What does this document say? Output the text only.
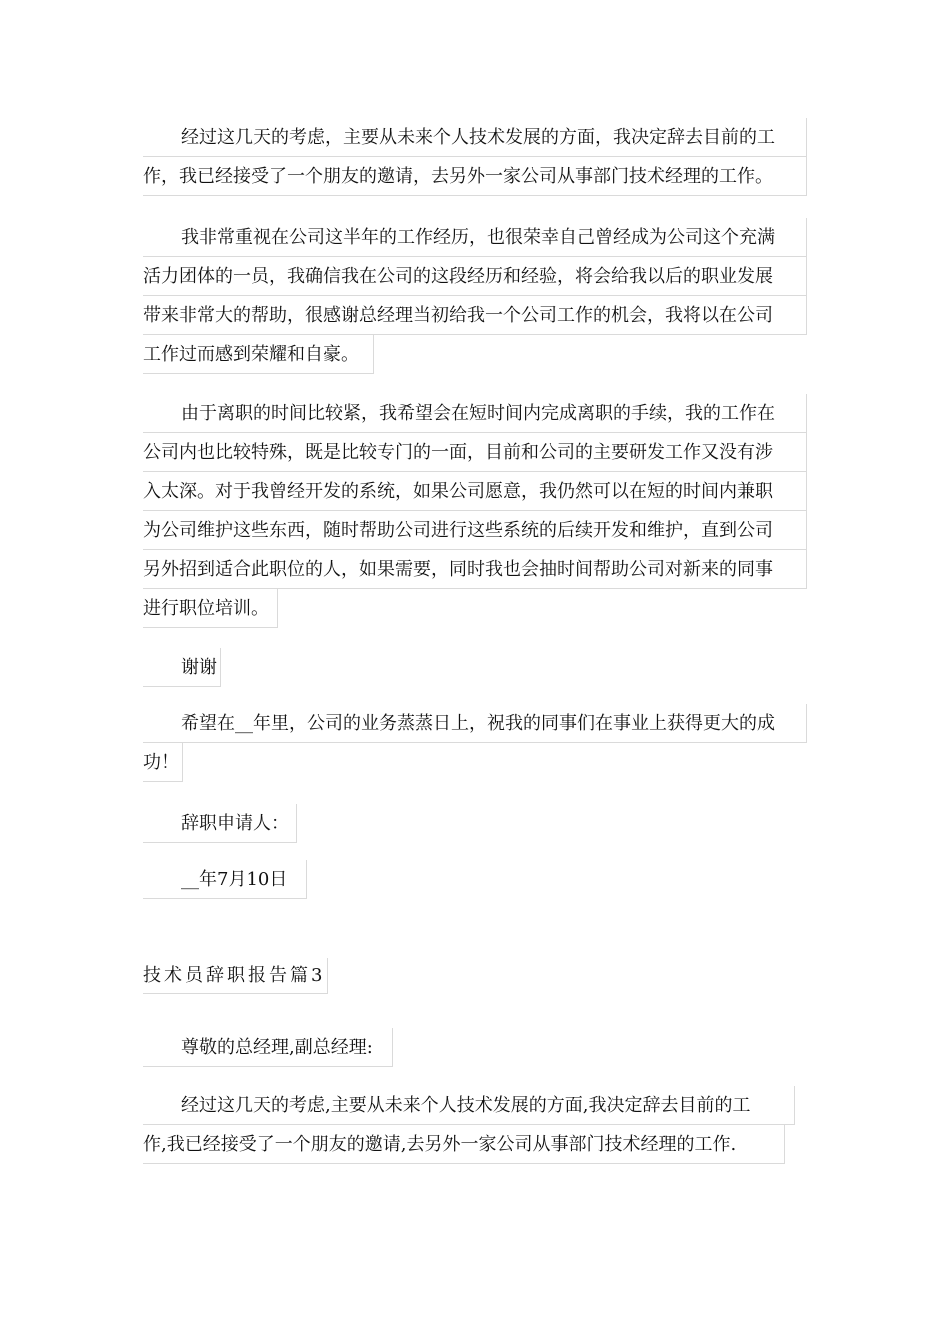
经过这几天的考虑，主要从未来个人技术发展的方面，我决定辞去目前的工
作，我已经接受了一个朋友的邀请，去另外一家公司从事部门技术经理的工作。
我非常重视在公司这半年的工作经历，也很荣幸自己曾经成为公司这个充满
活力团体的一员，我确信我在公司的这段经历和经验，将会给我以后的职业发展
带来非常大的帮助，很感谢总经理当初给我一个公司工作的机会，我将以在公司
工作过而感到荣耀和自豪。
由于离职的时间比较紧，我希望会在短时间内完成离职的手续，我的工作在
公司内也比较特殊，既是比较专门的一面，目前和公司的主要研发工作又没有涉
入太深。对于我曾经开发的系统，如果公司愿意，我仍然可以在短的时间内兼职
为公司维护这些东西，随时帮助公司进行这些系统的后续开发和维护，直到公司
另外招到适合此职位的人，如果需要，同时我也会抽时间帮助公司对新来的同事
进行职位培训。
谢谢
希望在__年里，公司的业务蒸蒸日上，祝我的同事们在事业上获得更大的成
功！
辞职申请人：
__年7月10日
技术员辞职报告篇3
尊敬的总经理,副总经理:
经过这几天的考虑,主要从未来个人技术发展的方面,我决定辞去目前的工
作,我已经接受了一个朋友的邀请,去另外一家公司从事部门技术经理的工作.
